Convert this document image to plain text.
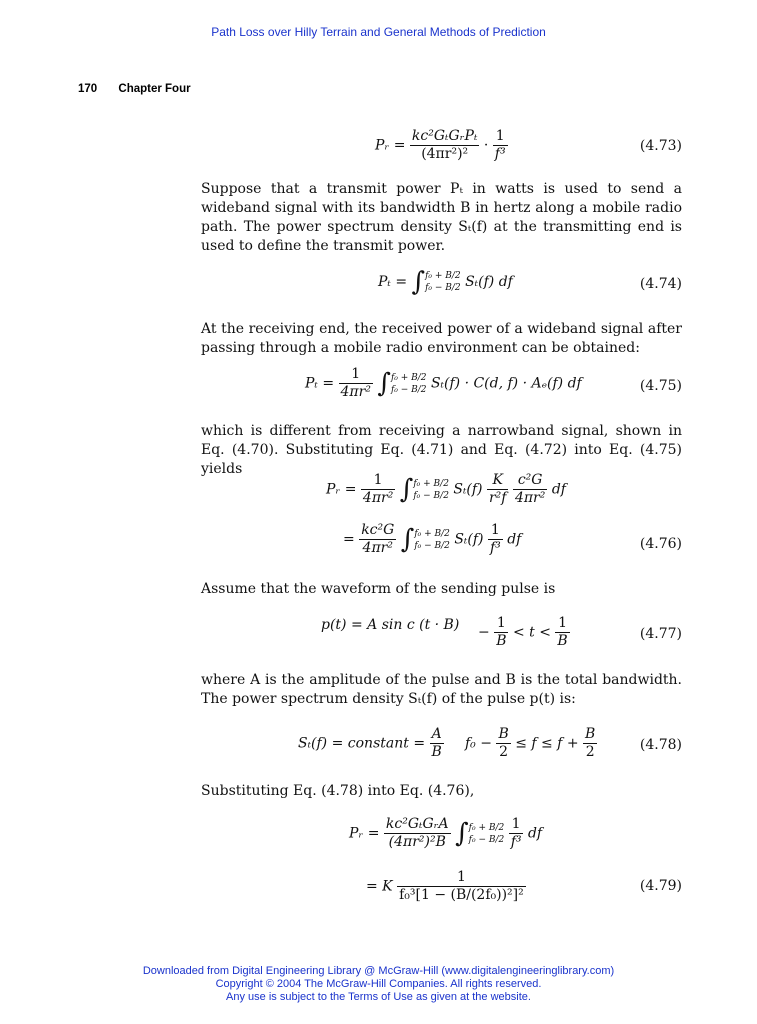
Path Loss over Hilly Terrain and General Methods of Prediction
170 Chapter Four
Pᵣ = $\frac{\text{kc²GₜGᵣPₜ}}{\text{(4πr²)²}} \cdot \frac{1}{\text{f³}}$	(4.73)
Suppose that a transmit power Pₜ in watts is used to send a wideband signal with its bandwidth B in hertz along a mobile radio path. The power spectrum density Sₜ(f) at the transmitting end is used to define the transmit power.
Pₜ = ∫ f₀ + B/2
f₀ − B/2 Sₜ(f) df	(4.74)
At the receiving end, the received power of a wideband signal after passing through a mobile radio environment can be obtained:
$P_t = \frac{1}{\text{4πr²}}$ ∫ f₀ + B/2
f₀ − B/2 Sₜ(f) · C(d, f) · Aₑ(f) df	(4.75)
which is different from receiving a narrowband signal, shown in Eq. (4.70). Substituting Eq. (4.71) and Eq. (4.72) into Eq. (4.75) yields
Pᵣ = $\frac{1}{\text{4πr²}}$ ∫ f₀ + B/2
f₀ − B/2 $S_t(f) \frac{K}{\text{r²f}}$
$\frac{\text{c²G}}{\text{4πr²}}$ df
= $\frac{\text{kc²G}}{\text{4πr²}}$ ∫ f₀ + B/2
f₀ − B/2 $S_t(f) \frac{1}{\text{f³}}$ df	(4.76)
Assume that the waveform of the sending pulse is
p(t) = A sin c $(t \cdot B) - \frac{1}{B} < t < \frac{1}{B}$	(4.77)
where A is the amplitude of the pulse and B is the total bandwidth. The power spectrum density Sₜ(f) of the pulse p(t) is:
Sₜ(f) = constant = $\frac{A}{B} f_0 - \frac{B}{2} \le f \le f + \frac{B}{2}$	(4.78)
Substituting Eq. (4.78) into Eq. (4.76),
Pᵣ = $\frac{\text{kc²GₜGᵣA}}{\text{(4πr²)²B}}$ ∫ f₀ + B/2
f₀ − B/2
$\frac{1}{\text{f³}}$ df
= K $\frac{1}{\text{f₀³[1 − (B/(2f₀))²]²}}$	(4.79)
Downloaded from Digital Engineering Library @ McGraw-Hill (www.digitalengineeringlibrary.com)
Copyright © 2004 The McGraw-Hill Companies. All rights reserved.
Any use is subject to the Terms of Use as given at the website.
